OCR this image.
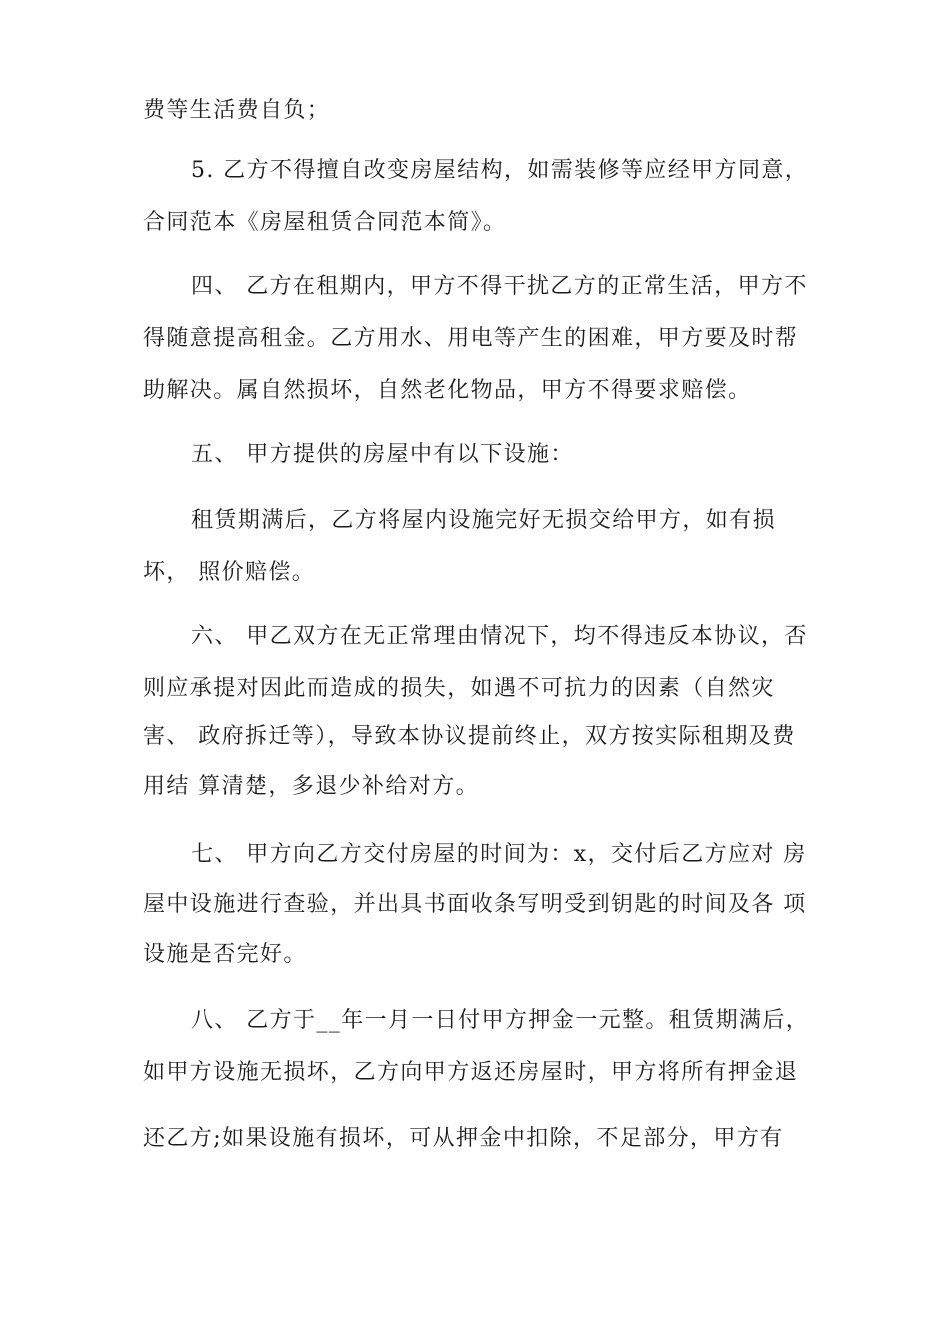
费等生活费自负；
5. 乙方不得擅自改变房屋结构，如需装修等应经甲方同意，
合同范本《房屋租赁合同范本简》。
四、 乙方在租期内，甲方不得干扰乙方的正常生活，甲方不
得随意提高租金。乙方用水、用电等产生的困难，甲方要及时帮
助解决。属自然损坏，自然老化物品，甲方不得要求赔偿。
五、 甲方提供的房屋中有以下设施：
租赁期满后，乙方将屋内设施完好无损交给甲方，如有损
坏， 照价赔偿。
六、 甲乙双方在无正常理由情况下，均不得违反本协议，否
则应承提对因此而造成的损失，如遇不可抗力的因素（自然灾
害、 政府拆迁等），导致本协议提前终止，双方按实际租期及费
用结 算清楚，多退少补给对方。
七、 甲方向乙方交付房屋的时间为：x，交付后乙方应对 房
屋中设施进行查验，并出具书面收条写明受到钥匙的时间及各 项
设施是否完好。
八、 乙方于__年一月一日付甲方押金一元整。租赁期满后，
如甲方设施无损坏，乙方向甲方返还房屋时，甲方将所有押金退
还乙方;如果设施有损坏，可从押金中扣除，不足部分，甲方有
